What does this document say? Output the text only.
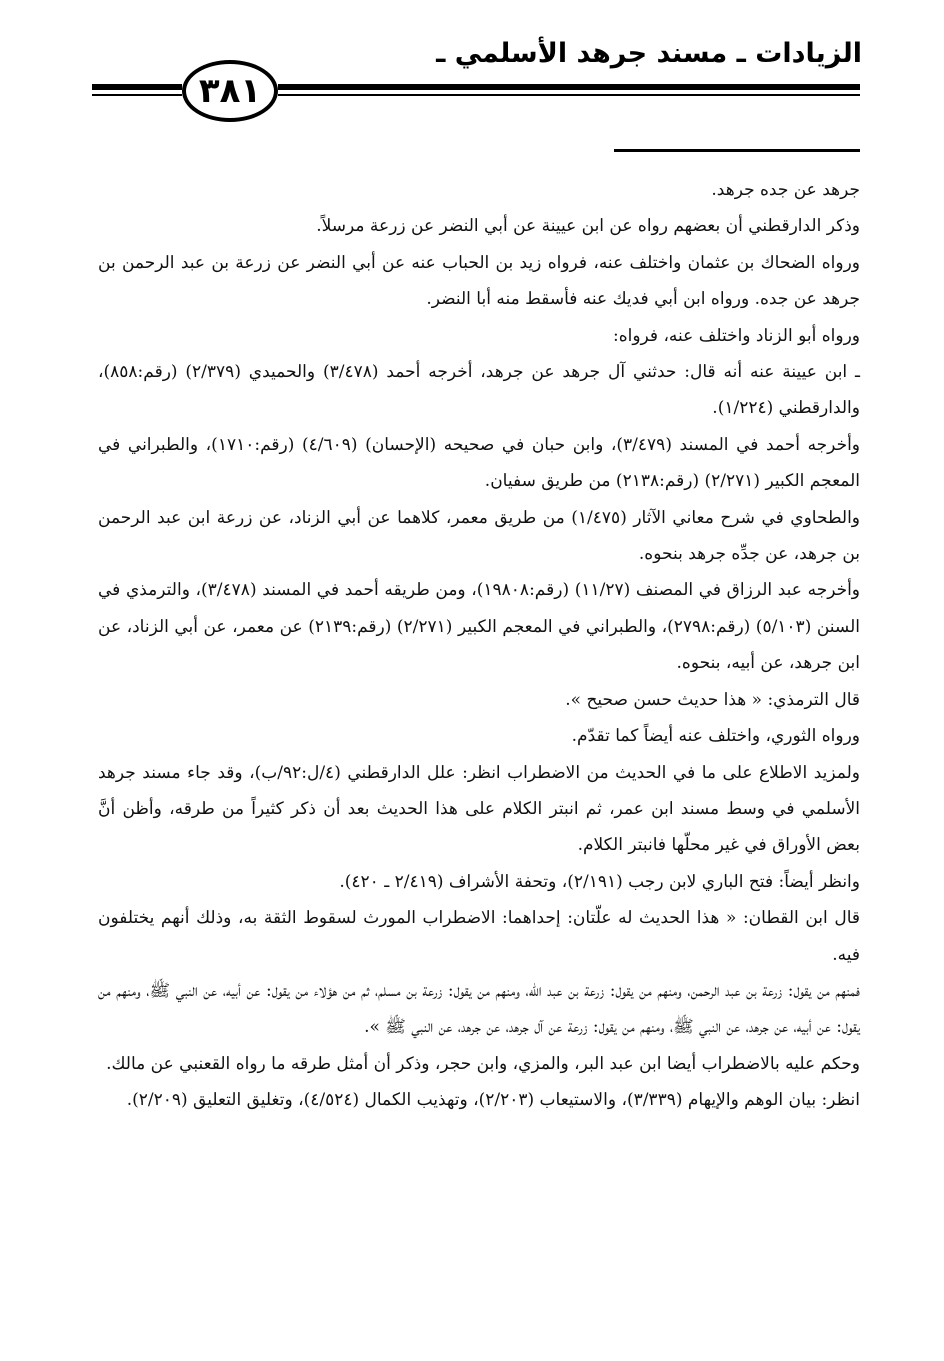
الزيادات ـ مسند جرهد الأسلمي ـ
٣٨١

جرهد عن جده جرهد.

وذكر الدارقطني أن بعضهم رواه عن ابن عيينة عن أبي النضر عن زرعة مرسلاً.

ورواه الضحاك بن عثمان واختلف عنه، فرواه زيد بن الحباب عنه عن أبي النضر عن زرعة بن عبد الرحمن بن جرهد عن جده. ورواه ابن أبي فديك عنه فأسقط منه أبا النضر.

ورواه أبو الزناد واختلف عنه، فرواه:

ـ ابن عيينة عنه أنه قال: حدثني آل جرهد عن جرهد، أخرجه أحمد (٣/٤٧٨) والحميدي (٢/٣٧٩) (رقم:٨٥٨)، والدارقطني (١/٢٢٤).

وأخرجه أحمد في المسند (٣/٤٧٩)، وابن حبان في صحيحه (الإحسان) (٤/٦٠٩) (رقم:١٧١٠)، والطبراني في المعجم الكبير (٢/٢٧١) (رقم:٢١٣٨) من طريق سفيان.

والطحاوي في شرح معاني الآثار (١/٤٧٥) من طريق معمر، كلاهما عن أبي الزناد، عن زرعة ابن عبد الرحمن بن جرهد، عن جدِّه جرهد بنحوه.

وأخرجه عبد الرزاق في المصنف (١١/٢٧) (رقم:١٩٨٠٨)، ومن طريقه أحمد في المسند (٣/٤٧٨)، والترمذي في السنن (٥/١٠٣) (رقم:٢٧٩٨)، والطبراني في المعجم الكبير (٢/٢٧١) (رقم:٢١٣٩) عن معمر، عن أبي الزناد، عن ابن جرهد، عن أبيه، بنحوه.

قال الترمذي: « هذا حديث حسن صحيح ».

ورواه الثوري، واختلف عنه أيضاً كما تقدّم.

ولمزيد الاطلاع على ما في الحديث من الاضطراب انظر: علل الدارقطني (٤/ل:٩٢/ب)، وقد جاء مسند جرهد الأسلمي في وسط مسند ابن عمر، ثم انبتر الكلام على هذا الحديث بعد أن ذكر كثيراً من طرقه، وأظن أنَّ بعض الأوراق في غير محلّها فانبتر الكلام.

وانظر أيضاً: فتح الباري لابن رجب (٢/١٩١)، وتحفة الأشراف (٢/٤١٩ ـ ٤٢٠).

قال ابن القطان: « هذا الحديث له علّتان: إحداهما: الاضطراب المورث لسقوط الثقة به، وذلك أنهم يختلفون فيه.

فمنهم من يقول: زرعة بن عبد الرحمن، ومنهم من يقول: زرعة بن عبد الله، ومنهم من يقول: زرعة بن مسلم، ثم من هؤلاء من يقول: عن أبيه، عن النبي ﷺ، ومنهم من يقول: عن أبيه، عن جرهد، عن النبي ﷺ، ومنهم من يقول: زرعة عن آل جرهد، عن جرهد، عن النبي ﷺ ».

وحكم عليه بالاضطراب أيضا ابن عبد البر، والمزي، وابن حجر، وذكر أن أمثل طرقه ما رواه القعنبي عن مالك.

انظر: بيان الوهم والإيهام (٣/٣٣٩)، والاستيعاب (٢/٢٠٣)، وتهذيب الكمال (٤/٥٢٤)، وتغليق التعليق (٢/٢٠٩).
